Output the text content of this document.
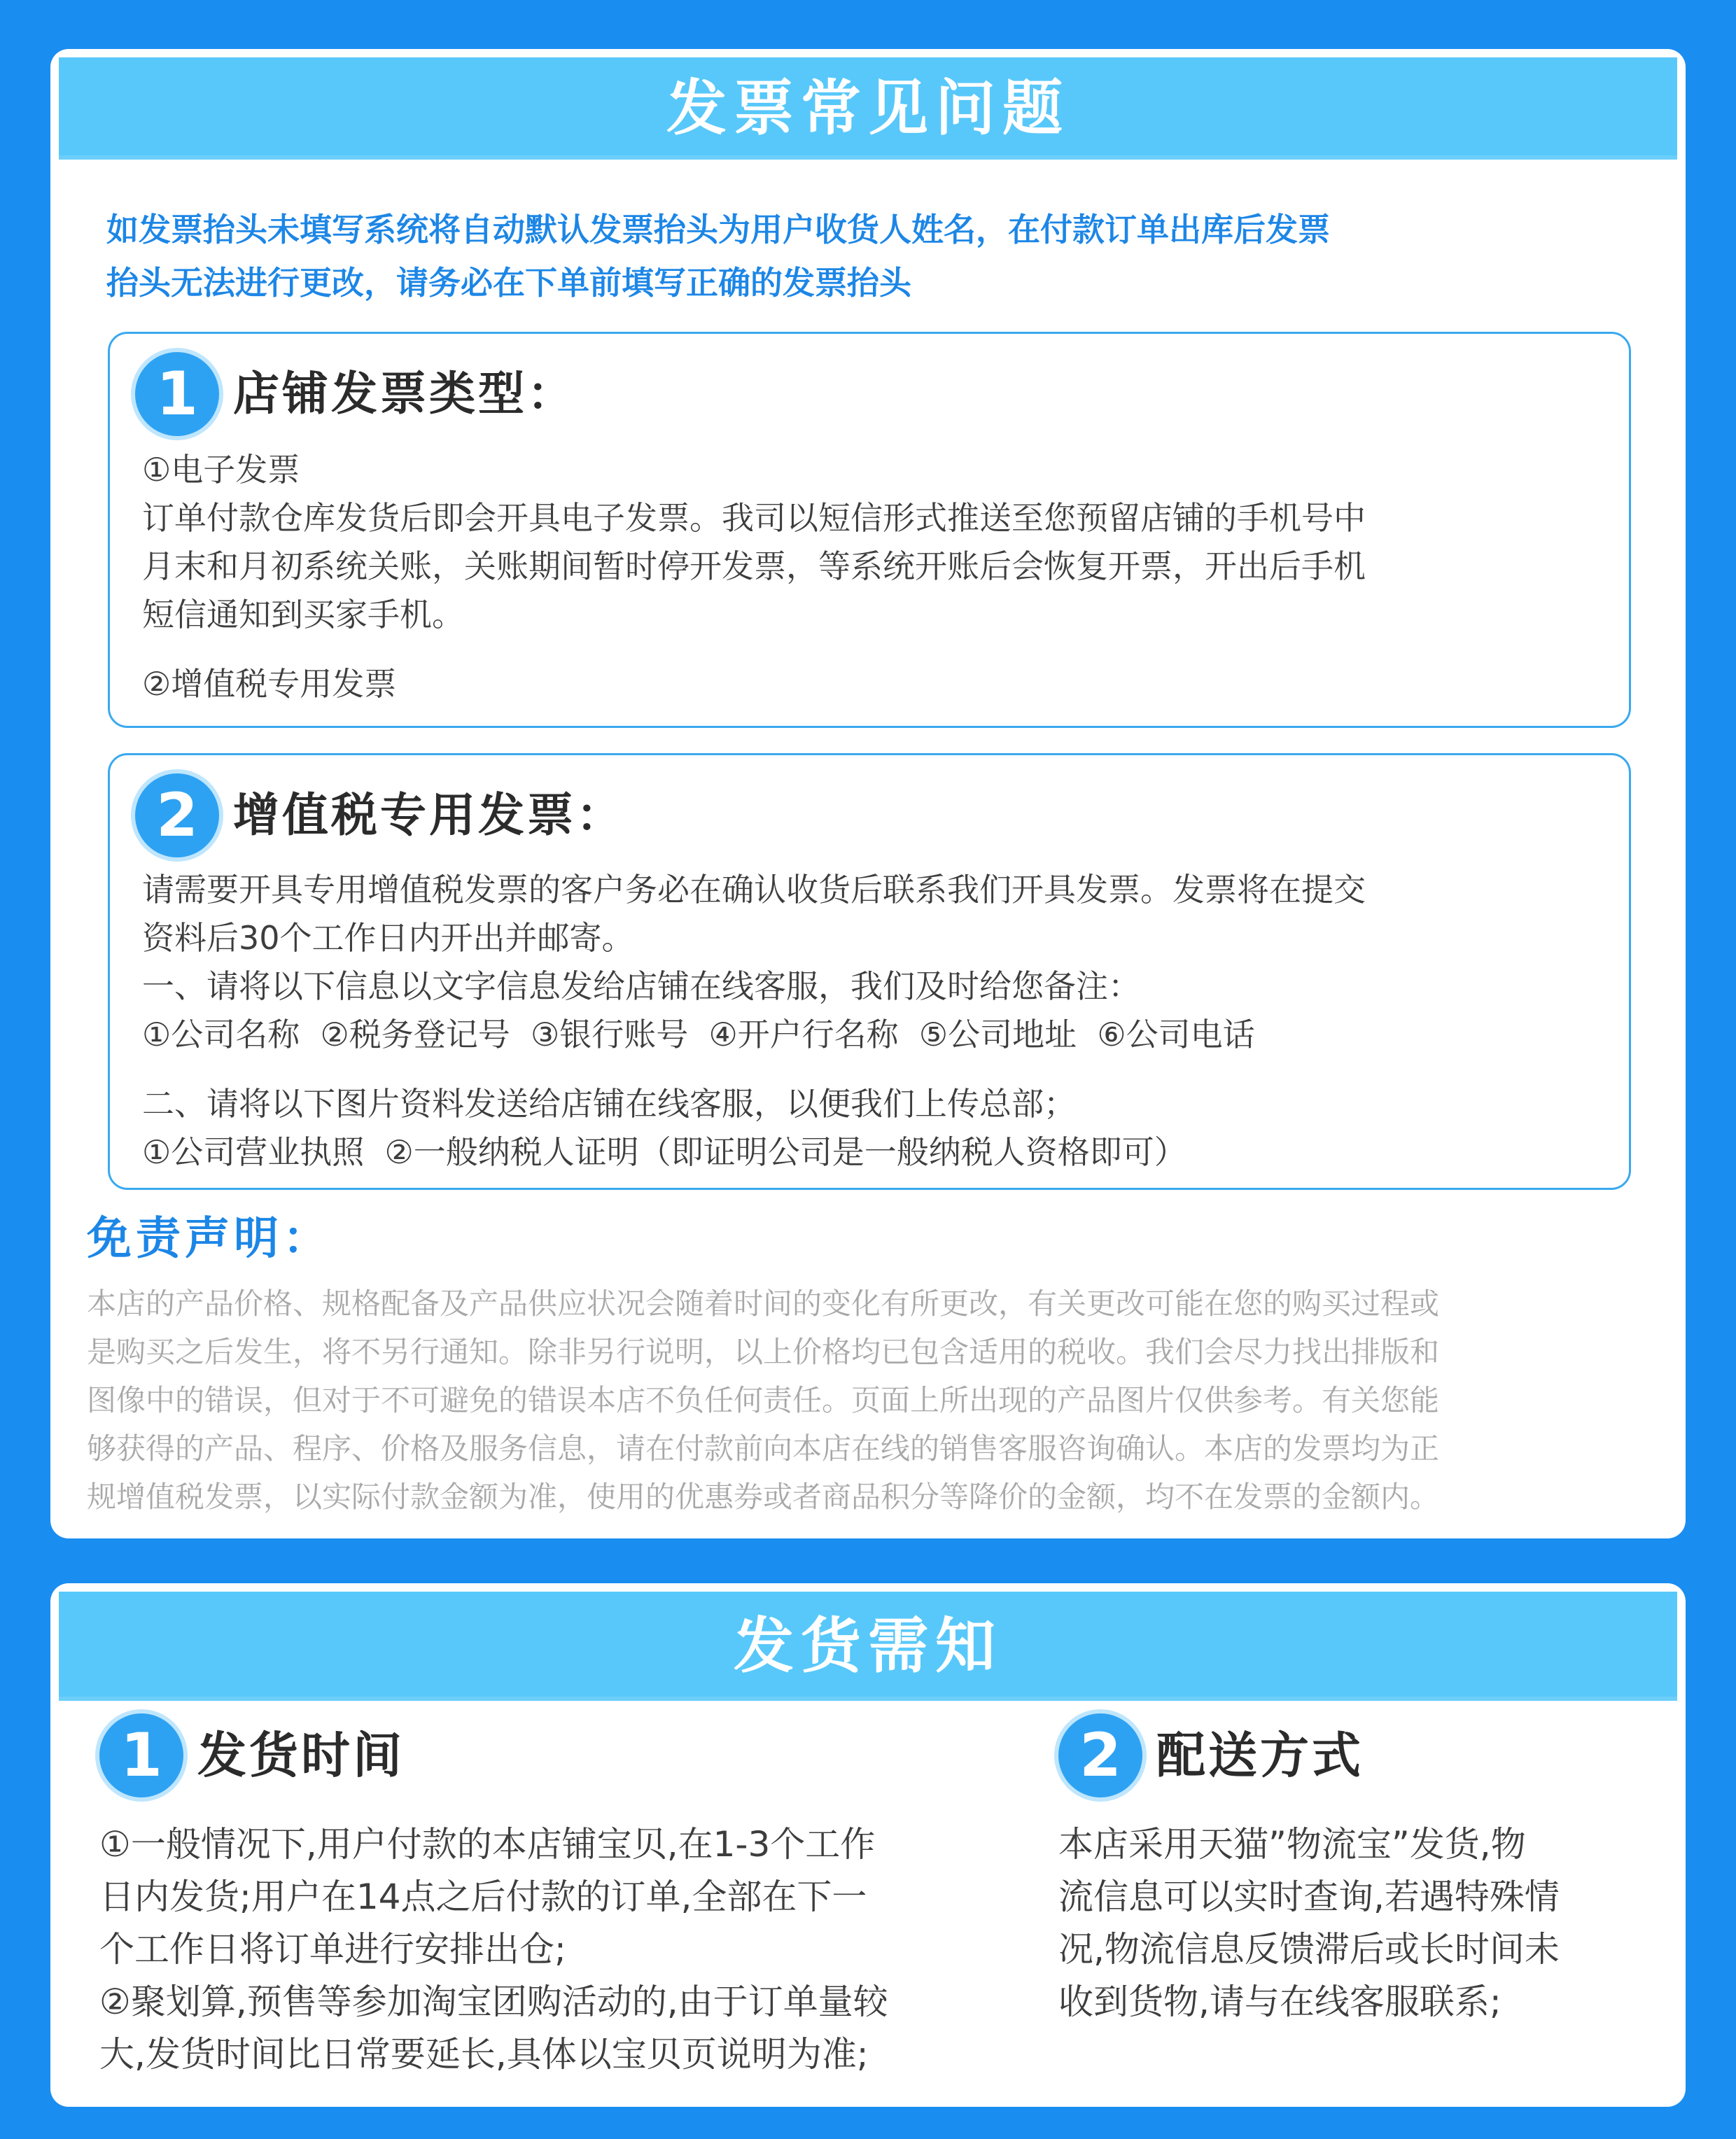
发票常见问题
如发票抬头未填写系统将自动默认发票抬头为用户收货人姓名，在付款订单出库后发票
抬头无法进行更改，请务必在下单前填写正确的发票抬头
1 店铺发票类型：
①电子发票
订单付款仓库发货后即会开具电子发票。我司以短信形式推送至您预留店铺的手机号中
月末和月初系统关账，关账期间暂时停开发票，等系统开账后会恢复开票，开出后手机
短信通知到买家手机。
②增值税专用发票
2 增值税专用发票：
请需要开具专用增值税发票的客户务必在确认收货后联系我们开具发票。发票将在提交
资料后30个工作日内开出并邮寄。
一、请将以下信息以文字信息发给店铺在线客服，我们及时给您备注：
①公司名称  ②税务登记号  ③银行账号  ④开户行名称  ⑤公司地址  ⑥公司电话
二、请将以下图片资料发送给店铺在线客服，以便我们上传总部；
①公司营业执照  ②一般纳税人证明（即证明公司是一般纳税人资格即可）
免责声明：
本店的产品价格、规格配备及产品供应状况会随着时间的变化有所更改，有关更改可能在您的购买过程或
是购买之后发生，将不另行通知。除非另行说明，以上价格均已包含适用的税收。我们会尽力找出排版和
图像中的错误，但对于不可避免的错误本店不负任何责任。页面上所出现的产品图片仅供参考。有关您能
够获得的产品、程序、价格及服务信息，请在付款前向本店在线的销售客服咨询确认。本店的发票均为正
规增值税发票，以实际付款金额为准，使用的优惠券或者商品积分等降价的金额，均不在发票的金额内。
发货需知
1 发货时间
①一般情况下,用户付款的本店铺宝贝,在1-3个工作
日内发货;用户在14点之后付款的订单,全部在下一
个工作日将订单进行安排出仓;
②聚划算,预售等参加淘宝团购活动的,由于订单量较
大,发货时间比日常要延长,具体以宝贝页说明为准;
2 配送方式
本店采用天猫”物流宝”发货,物
流信息可以实时查询,若遇特殊情
况,物流信息反馈滞后或长时间未
收到货物,请与在线客服联系;
